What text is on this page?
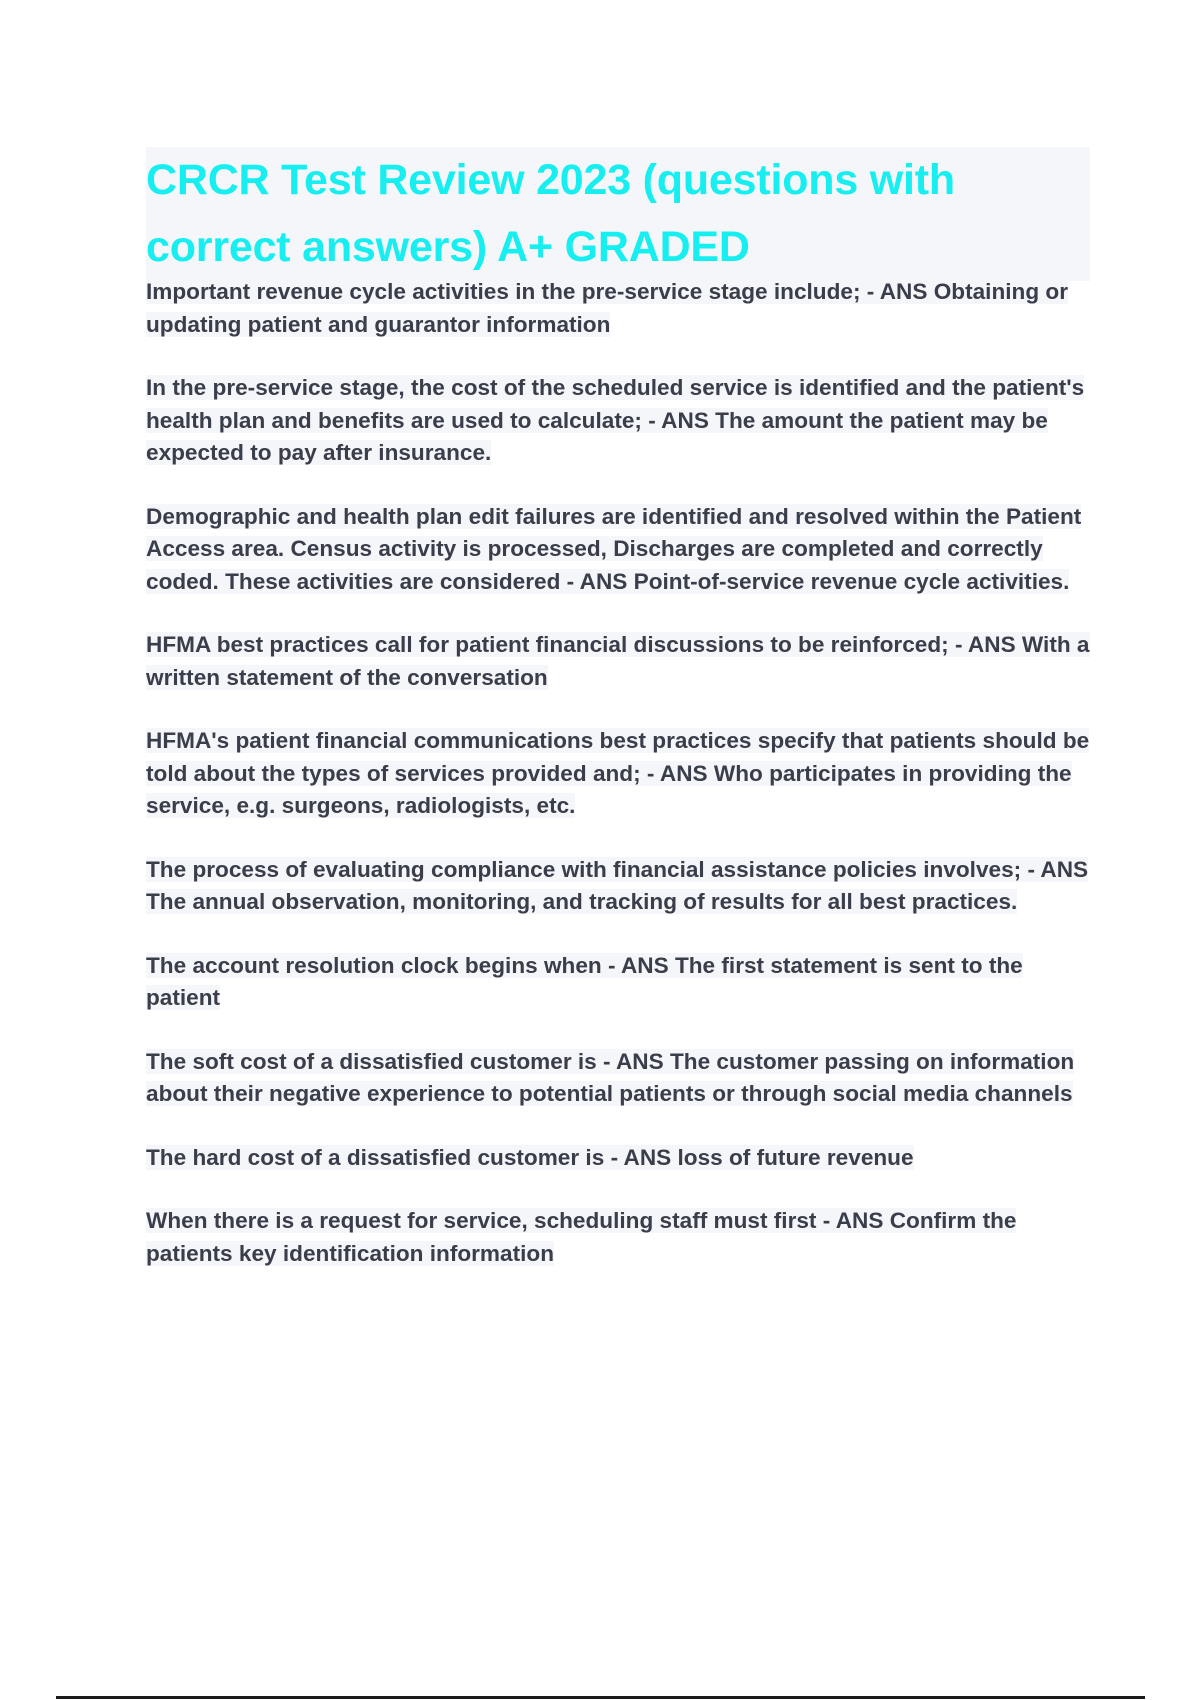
CRCR Test Review 2023 (questions with correct answers) A+ GRADED

Important revenue cycle activities in the pre-service stage include; - ANS Obtaining or updating patient and guarantor information

In the pre-service stage, the cost of the scheduled service is identified and the patient's health plan and benefits are used to calculate; - ANS The amount the patient may be expected to pay after insurance.

Demographic and health plan edit failures are identified and resolved within the Patient Access area. Census activity is processed, Discharges are completed and correctly coded. These activities are considered - ANS Point-of-service revenue cycle activities.

HFMA best practices call for patient financial discussions to be reinforced; - ANS With a written statement of the conversation

HFMA's patient financial communications best practices specify that patients should be told about the types of services provided and; - ANS Who participates in providing the service, e.g. surgeons, radiologists, etc.

The process of evaluating compliance with financial assistance policies involves; - ANS The annual observation, monitoring, and tracking of results for all best practices.

The account resolution clock begins when - ANS The first statement is sent to the patient

The soft cost of a dissatisfied customer is - ANS The customer passing on information about their negative experience to potential patients or through social media channels

The hard cost of a dissatisfied customer is - ANS loss of future revenue

When there is a request for service, scheduling staff must first - ANS Confirm the patients key identification information
